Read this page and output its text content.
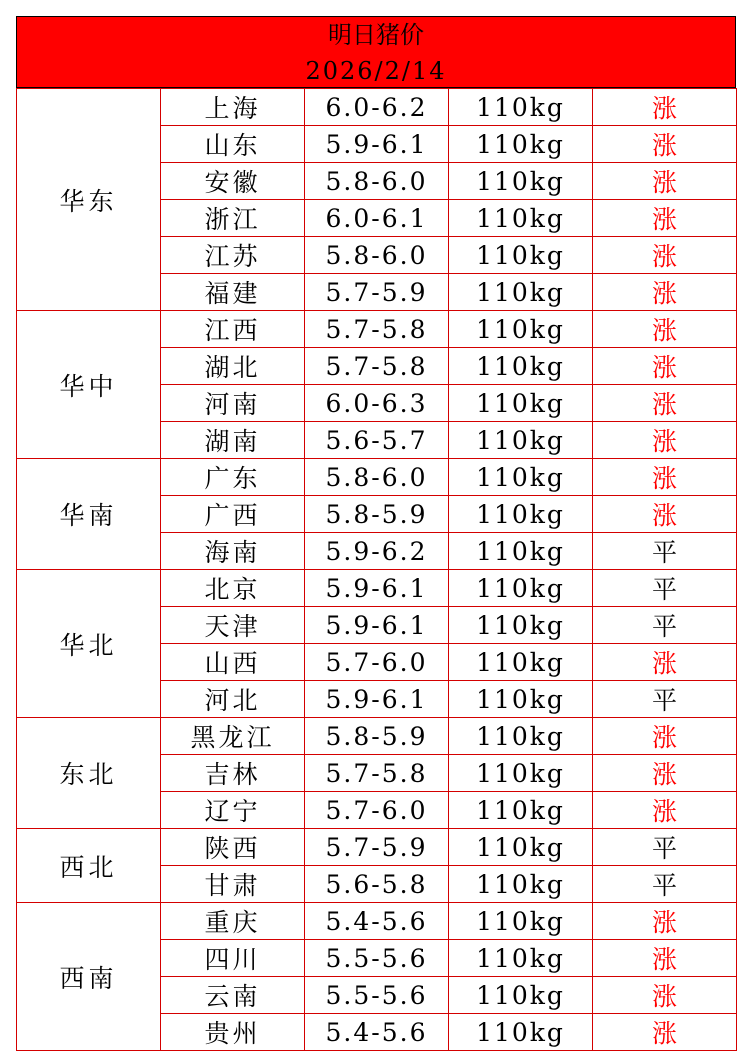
明日猪价
2026/2/14
华东	上海	6.0-6.2	110kg	涨
	山东	5.9-6.1	110kg	涨
	安徽	5.8-6.0	110kg	涨
	浙江	6.0-6.1	110kg	涨
	江苏	5.8-6.0	110kg	涨
	福建	5.7-5.9	110kg	涨
华中	江西	5.7-5.8	110kg	涨
	湖北	5.7-5.8	110kg	涨
	河南	6.0-6.3	110kg	涨
	湖南	5.6-5.7	110kg	涨
华南	广东	5.8-6.0	110kg	涨
	广西	5.8-5.9	110kg	涨
	海南	5.9-6.2	110kg	平
华北	北京	5.9-6.1	110kg	平
	天津	5.9-6.1	110kg	平
	山西	5.7-6.0	110kg	涨
	河北	5.9-6.1	110kg	平
东北	黑龙江	5.8-5.9	110kg	涨
	吉林	5.7-5.8	110kg	涨
	辽宁	5.7-6.0	110kg	涨
西北	陕西	5.7-5.9	110kg	平
	甘肃	5.6-5.8	110kg	平
西南	重庆	5.4-5.6	110kg	涨
	四川	5.5-5.6	110kg	涨
	云南	5.5-5.6	110kg	涨
	贵州	5.4-5.6	110kg	涨
